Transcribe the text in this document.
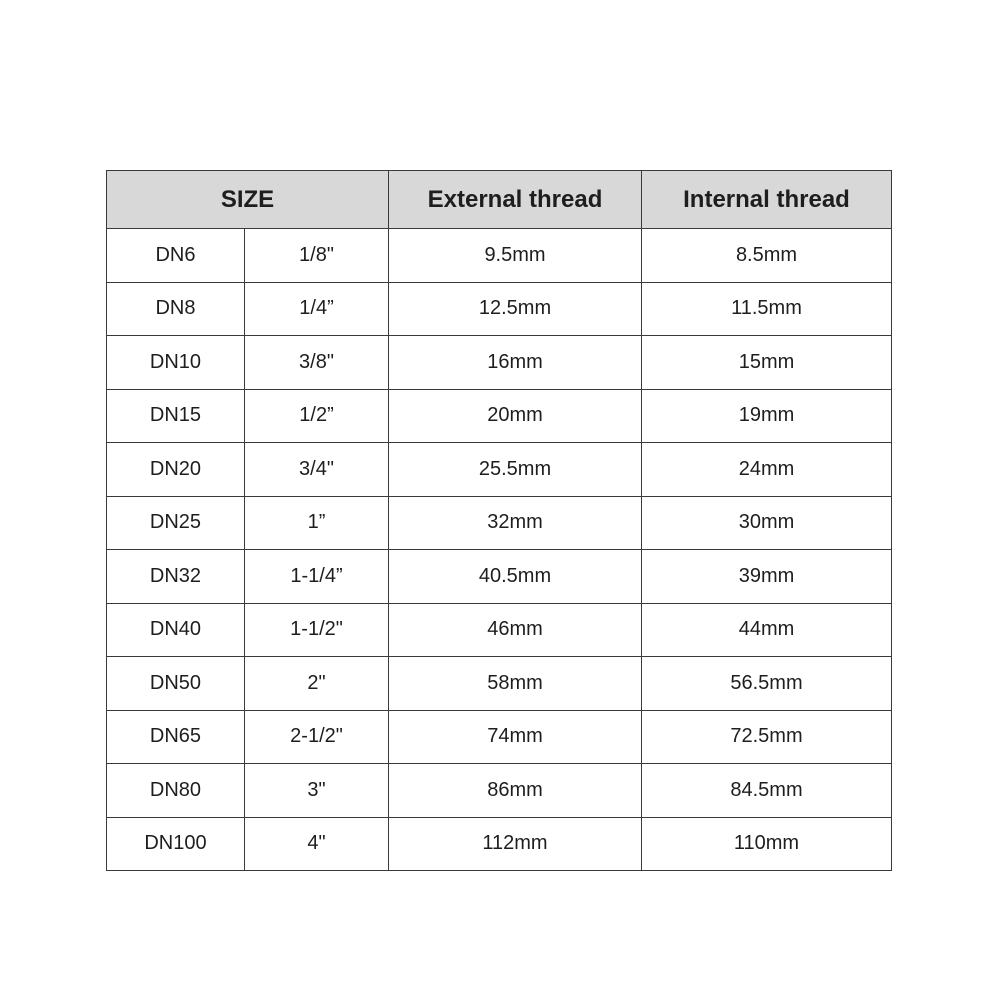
SIZE		External thread	Internal thread
DN6	1/8"	9.5mm	8.5mm
DN8	1/4”	12.5mm	11.5mm
DN10	3/8"	16mm	15mm
DN15	1/2”	20mm	19mm
DN20	3/4"	25.5mm	24mm
DN25	1”	32mm	30mm
DN32	1-1/4”	40.5mm	39mm
DN40	1-1/2"	46mm	44mm
DN50	2"	58mm	56.5mm
DN65	2-1/2"	74mm	72.5mm
DN80	3"	86mm	84.5mm
DN100	4"	112mm	110mm
